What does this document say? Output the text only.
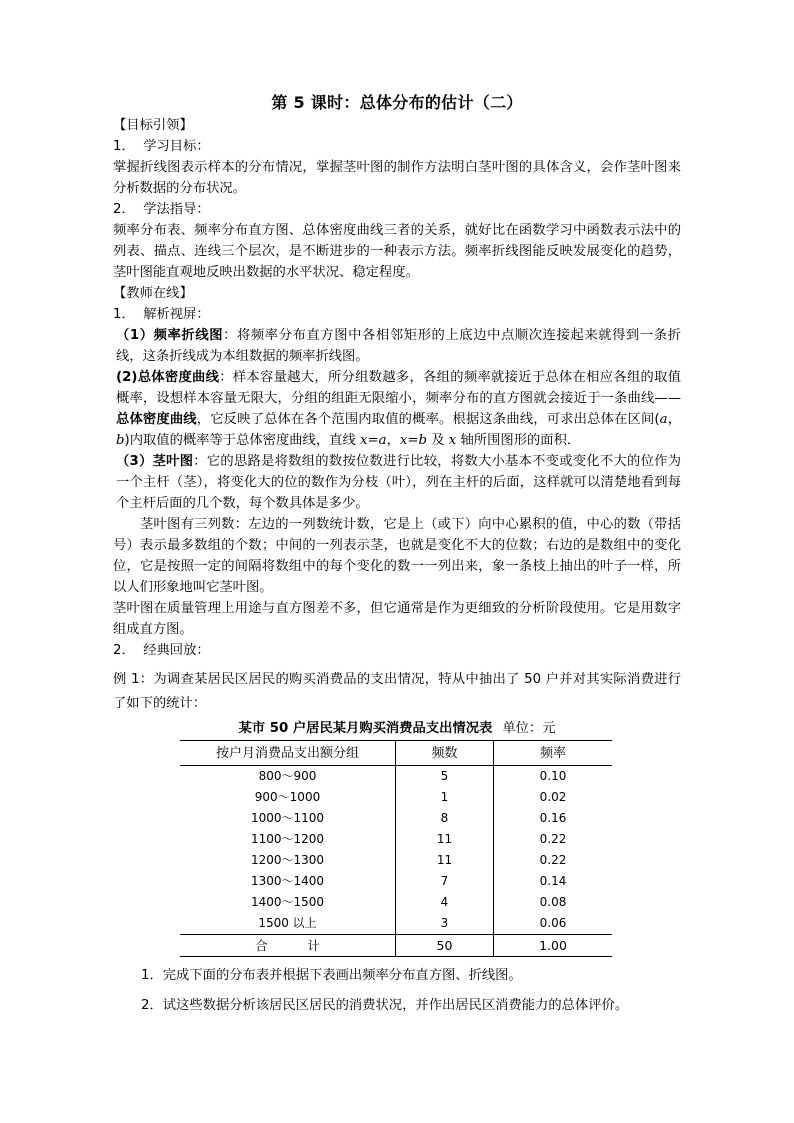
第 5 课时：总体分布的估计（二）
【目标引领】
1．  学习目标：
掌握折线图表示样本的分布情况，掌握茎叶图的制作方法明白茎叶图的具体含义，会作茎叶图来分析数据的分布状况。
2．  学法指导：
频率分布表、频率分布直方图、总体密度曲线三者的关系，就好比在函数学习中函数表示法中的列表、描点、连线三个层次，是不断进步的一种表示方法。频率折线图能反映发展变化的趋势，茎叶图能直观地反映出数据的水平状况、稳定程度。
【教师在线】
1．  解析视屏：
（1）频率折线图：将频率分布直方图中各相邻矩形的上底边中点顺次连接起来就得到一条折线，这条折线成为本组数据的频率折线图。
(2)总体密度曲线：样本容量越大，所分组数越多，各组的频率就接近于总体在相应各组的取值概率，设想样本容量无限大，分组的组距无限缩小，频率分布的直方图就会接近于一条曲线——总体密度曲线，它反映了总体在各个范围内取值的概率。根据这条曲线，可求出总体在区间(a，b)内取值的概率等于总体密度曲线，直线 x=a，x=b 及 x 轴所围图形的面积．
（3）茎叶图：它的思路是将数组的数按位数进行比较，将数大小基本不变或变化不大的位作为一个主杆（茎），将变化大的位的数作为分枝（叶），列在主杆的后面，这样就可以清楚地看到每个主杆后面的几个数，每个数具体是多少。
茎叶图有三列数：左边的一列数统计数，它是上（或下）向中心累积的值，中心的数（带括号）表示最多数组的个数；中间的一列表示茎，也就是变化不大的位数；右边的是数组中的变化位，它是按照一定的间隔将数组中的每个变化的数一一列出来，象一条枝上抽出的叶子一样，所以人们形象地叫它茎叶图。
茎叶图在质量管理上用途与直方图差不多，但它通常是作为更细致的分析阶段使用。它是用数字组成直方图。
2．  经典回放：
例 1：为调查某居民区居民的购买消费品的支出情况，特从中抽出了 50 户并对其实际消费进行了如下的统计：
某市 50 户居民某月购买消费品支出情况表 单位：元
按户月消费品支出额分组	频数	频率
800～900	5	0.10
900～1000	1	0.02
1000～1100	8	0.16
1100～1200	11	0.22
1200～1300	11	0.22
1300～1400	7	0.14
1400～1500	4	0.08
1500 以上	3	0.06
合          计	50	1.00
1．完成下面的分布表并根据下表画出频率分布直方图、折线图。
2．试这些数据分析该居民区居民的消费状况，并作出居民区消费能力的总体评价。
